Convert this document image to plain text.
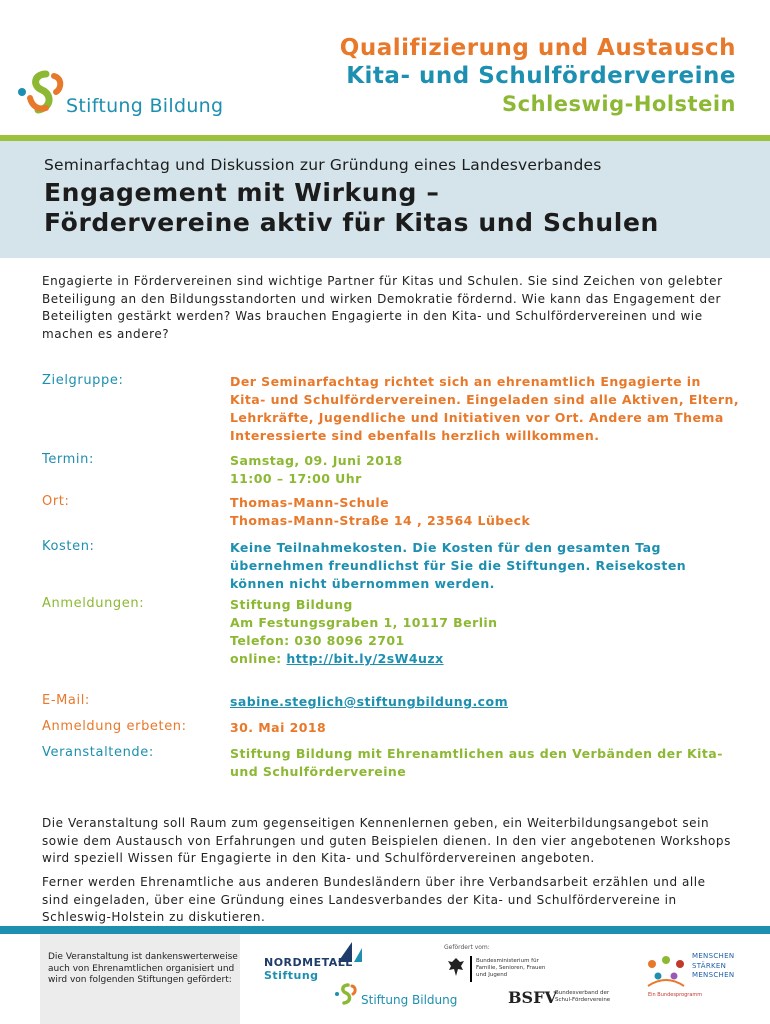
Stiftung Bildung
Qualifizierung und Austausch
Kita- und Schulfördervereine
Schleswig-Holstein
Seminarfachtag und Diskussion zur Gründung eines Landesverbandes
Engagement mit Wirkung –
Fördervereine aktiv für Kitas und Schulen
Engagierte in Fördervereinen sind wichtige Partner für Kitas und Schulen. Sie sind Zeichen von gelebter Beteiligung an den Bildungsstandorten und wirken Demokratie fördernd. Wie kann das Engagement der Beteiligten gestärkt werden? Was brauchen Engagierte in den Kita- und Schulfördervereinen und wie machen es andere?
Zielgruppe:	Der Seminarfachtag richtet sich an ehrenamtlich Engagierte in Kita- und Schulfördervereinen. Eingeladen sind alle Aktiven, Eltern, Lehrkräfte, Jugendliche und Initiativen vor Ort. Andere am Thema Interessierte sind ebenfalls herzlich willkommen.
Termin:	Samstag, 09. Juni 2018
11:00 – 17:00 Uhr
Ort:	Thomas-Mann-Schule
Thomas-Mann-Straße 14 , 23564 Lübeck
Kosten:	Keine Teilnahmekosten. Die Kosten für den gesamten Tag übernehmen freundlichst für Sie die Stiftungen. Reisekosten können nicht übernommen werden.
Anmeldungen:	Stiftung Bildung
Am Festungsgraben 1, 10117 Berlin
Telefon: 030 8096 2701
online: http://bit.ly/2sW4uzx
E-Mail:	sabine.steglich@stiftungbildung.com
Anmeldung erbeten:	30. Mai 2018
Veranstaltende:	Stiftung Bildung mit Ehrenamtlichen aus den Verbänden der Kita- und Schulfördervereine
Die Veranstaltung soll Raum zum gegenseitigen Kennenlernen geben, ein Weiterbildungsangebot sein sowie dem Austausch von Erfahrungen und guten Beispielen dienen. In den vier angebotenen Workshops wird speziell Wissen für Engagierte in den Kita- und Schulfördervereinen angeboten.
Ferner werden Ehrenamtliche aus anderen Bundesländern über ihre Verbandsarbeit erzählen und alle sind eingeladen, über eine Gründung eines Landesverbandes der Kita- und Schulfördervereine in Schleswig-Holstein zu diskutieren.
Die Veranstaltung ist dankenswerterweise auch von Ehrenamtlichen organisiert und wird von folgenden Stiftungen gefördert:
NORDMETALL
Stiftung
Stiftung Bildung
Gefördert vom:
Bundesministerium für Familie, Senioren, Frauen und Jugend
BSFV
Bundesverband der Schul-Fördervereine
MENSCHEN
STÄRKEN
MENSCHEN
Ein Bundesprogramm
